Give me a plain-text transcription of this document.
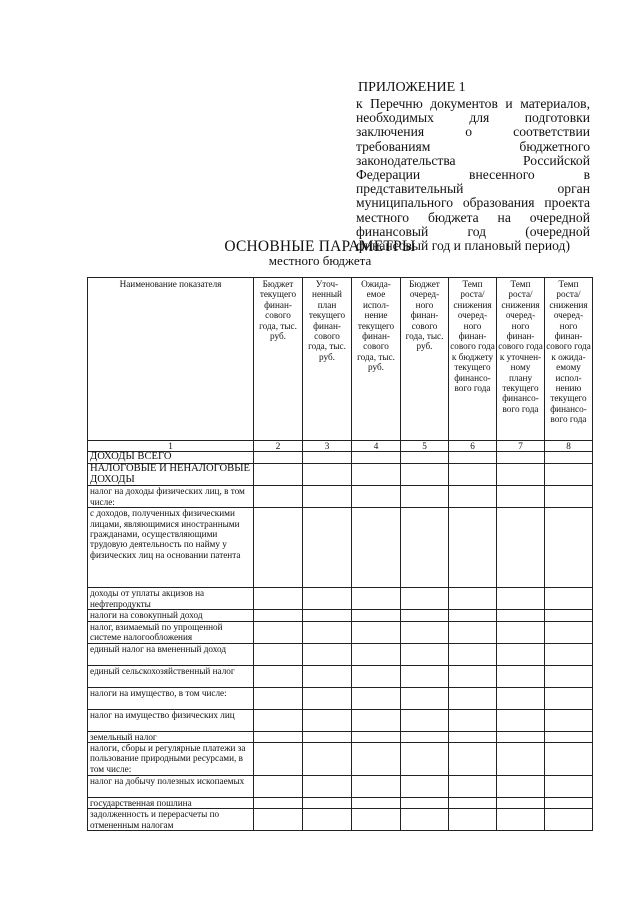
ПРИЛОЖЕНИЕ 1
к Перечню документов и материалов, необходимых для подготовки заключения о соответствии требованиям бюджетного законодательства Российской Федерации внесенного в представительный орган муниципального образования проекта местного бюджета на очередной финансовый год (очередной финансовый год и плановый период)
ОСНОВНЫЕ ПАРАМЕТРЫ
местного бюджета
Наименование показателя	Бюджет текущего финан-сового года, тыс. руб.	Уточ-ненный план текущего финан-сового года, тыс. руб.	Ожида-емое испол-нение текущего финан-сового года, тыс. руб.	Бюджет очеред-ного финан-сового года, тыс. руб.	Темп роста/ снижения очеред-ного финан-сового года к бюджету текущего финансо-вого года	Темп роста/ снижения очеред-ного финан-сового года к уточнен-ному плану текущего финансо-вого года	Темп роста/ снижения очеред-ного финан-сового года к ожида-емому испол-нению текущего финансо-вого года
1	2	3	4	5	6	7	8
ДОХОДЫ ВСЕГО							
НАЛОГОВЫЕ И НЕНАЛОГОВЫЕ ДОХОДЫ							
налог на доходы физических лиц, в том числе:							
с доходов, полученных физическими лицами, являющимися иностранными гражданами, осуществляющими трудовую деятельность по найму у физических лиц на основании патента							
доходы от уплаты акцизов на нефтепродукты							
налоги на совокупный доход							
налог, взимаемый по упрощенной системе налогообложения							
единый налог на вмененный доход							
единый сельскохозяйственный налог							
налоги на имущество, в том числе:							
налог на имущество физических лиц							
земельный налог							
налоги, сборы и регулярные платежи за пользование природными ресурсами, в том числе:							
налог на добычу полезных ископаемых							
государственная пошлина							
задолженность и перерасчеты по отмененным налогам							
